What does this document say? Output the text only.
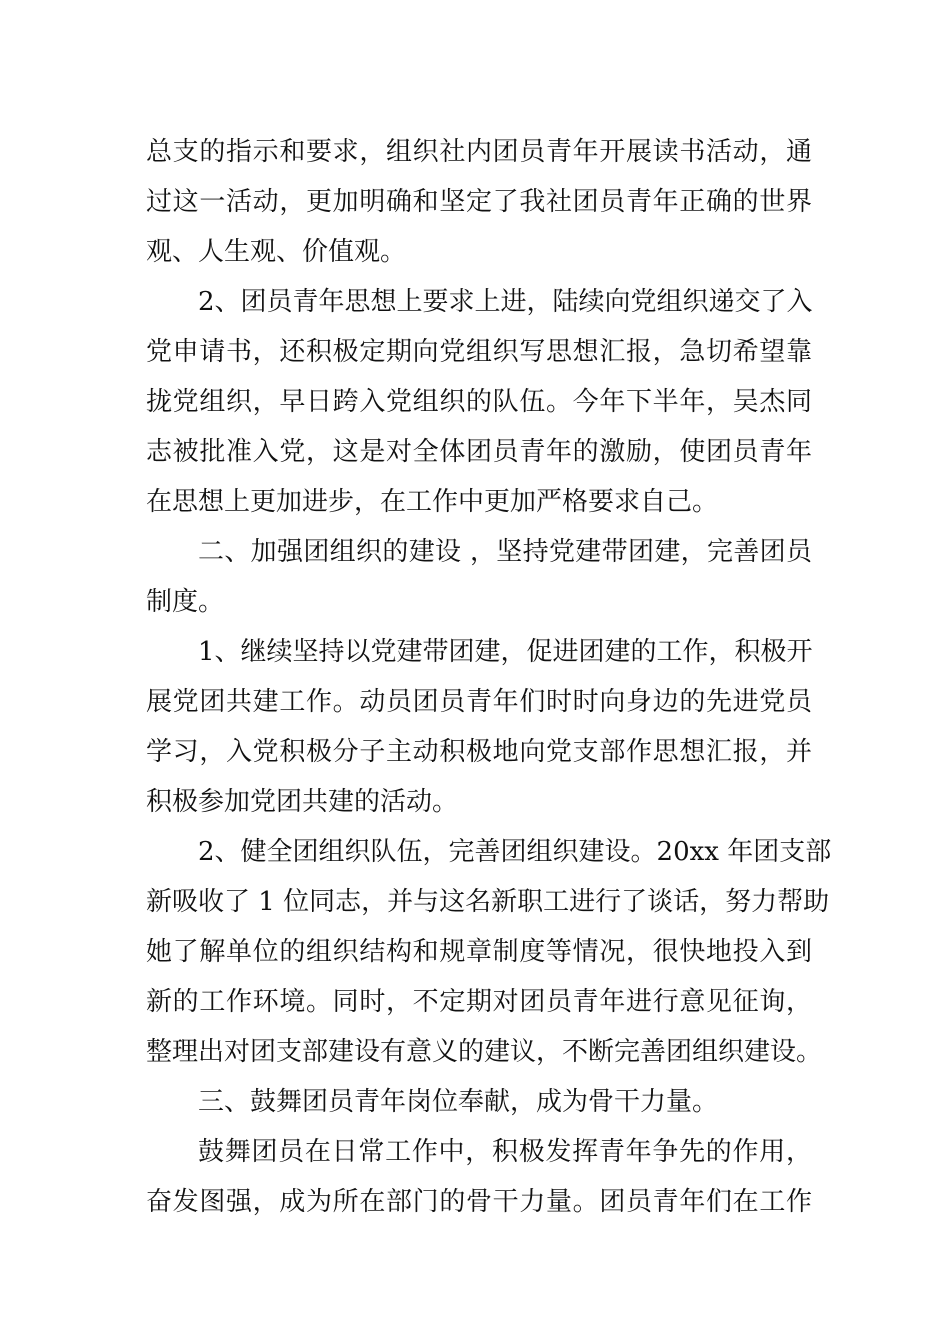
总支的指示和要求，组织社内团员青年开展读书活动，通
过这一活动，更加明确和坚定了我社团员青年正确的世界
观、人生观、价值观。
2、团员青年思想上要求上进，陆续向党组织递交了入
党申请书，还积极定期向党组织写思想汇报，急切希望靠
拢党组织，早日跨入党组织的队伍。今年下半年，吴杰同
志被批准入党，这是对全体团员青年的激励，使团员青年
在思想上更加进步，在工作中更加严格要求自己。
二、加强团组织的建设 ，坚持党建带团建，完善团员
制度。
1、继续坚持以党建带团建，促进团建的工作，积极开
展党团共建工作。动员团员青年们时时向身边的先进党员
学习，入党积极分子主动积极地向党支部作思想汇报，并
积极参加党团共建的活动。
2、健全团组织队伍，完善团组织建设。20xx 年团支部
新吸收了 1 位同志，并与这名新职工进行了谈话，努力帮助
她了解单位的组织结构和规章制度等情况，很快地投入到
新的工作环境。同时，不定期对团员青年进行意见征询，
整理出对团支部建设有意义的建议，不断完善团组织建设。
三、鼓舞团员青年岗位奉献，成为骨干力量。
鼓舞团员在日常工作中，积极发挥青年争先的作用，
奋发图强，成为所在部门的骨干力量。团员青年们在工作
